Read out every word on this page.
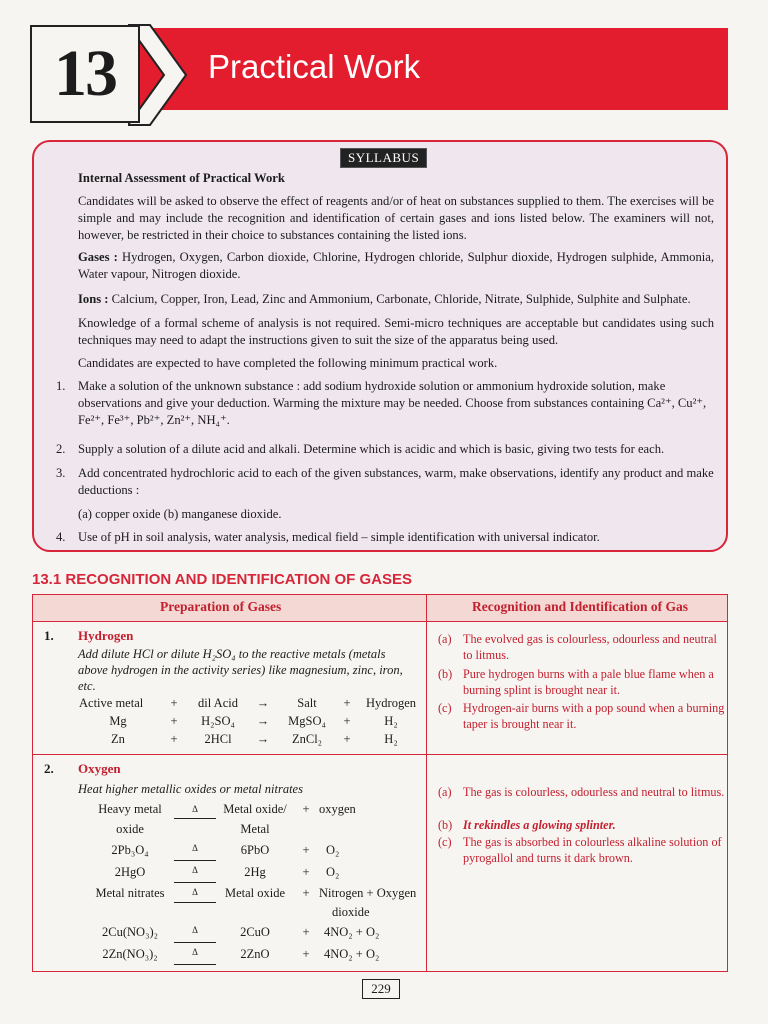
13	Practical Work
SYLLABUS
Internal Assessment of Practical Work
Candidates will be asked to observe the effect of reagents and/or of heat on substances supplied to them. The exercises will be simple and may include the recognition and identification of certain gases and ions listed below. The examiners will not, however, be restricted in their choice to substances containing the listed ions.
Gases : Hydrogen, Oxygen, Carbon dioxide, Chlorine, Hydrogen chloride, Sulphur dioxide, Hydrogen sulphide, Ammonia, Water vapour, Nitrogen dioxide.
Ions : Calcium, Copper, Iron, Lead, Zinc and Ammonium, Carbonate, Chloride, Nitrate, Sulphide, Sulphite and Sulphate.
Knowledge of a formal scheme of analysis is not required. Semi-micro techniques are acceptable but candidates using such techniques may need to adapt the instructions given to suit the size of the apparatus being used.
Candidates are expected to have completed the following minimum practical work.
1. Make a solution of the unknown substance : add sodium hydroxide solution or ammonium hydroxide solution, make observations and give your deduction. Warming the mixture may be needed. Choose from substances containing Ca²⁺, Cu²⁺, Fe²⁺, Fe³⁺, Pb²⁺, Zn²⁺, NH₄⁺.
2. Supply a solution of a dilute acid and alkali. Determine which is acidic and which is basic, giving two tests for each.
3. Add concentrated hydrochloric acid to each of the given substances, warm, make observations, identify any product and make deductions :
(a) copper oxide (b) manganese dioxide.
4. Use of pH in soil analysis, water analysis, medical field – simple identification with universal indicator.
13.1 RECOGNITION AND IDENTIFICATION OF GASES
Preparation of Gases	Recognition and Identification of Gas
1. Hydrogen
Add dilute HCl or dilute H₂SO₄ to the reactive metals (metals above hydrogen in the activity series) like magnesium, zinc, iron, etc.
Active metal	+	dil Acid	→	Salt	+	Hydrogen
Mg	+	H₂SO₄	→	MgSO₄	+	H₂
Zn	+	2HCl	→	ZnCl₂	+	H₂
(a) The evolved gas is colourless, odourless and neutral to litmus.
(b) Pure hydrogen burns with a pale blue flame when a burning splint is brought near it.
(c) Hydrogen-air burns with a pop sound when a burning taper is brought near it.
2. Oxygen
Heat higher metallic oxides or metal nitrates
Heavy metal	Δ	Metal oxide/	+	oxygen
oxide		Metal		
2Pb₃O₄	Δ	6PbO	+	O₂
2HgO	Δ	2Hg	+	O₂
Metal nitrates	Δ	Metal oxide	+	Nitrogen + Oxygen
				dioxide
2Cu(NO₃)₂	Δ	2CuO	+	4NO₂ + O₂
2Zn(NO₃)₂	Δ	2ZnO	+	4NO₂ + O₂
(a) The gas is colourless, odourless and neutral to litmus.
(b) It rekindles a glowing splinter.
(c) The gas is absorbed in colourless alkaline solution of pyrogallol and turns it dark brown.
229
